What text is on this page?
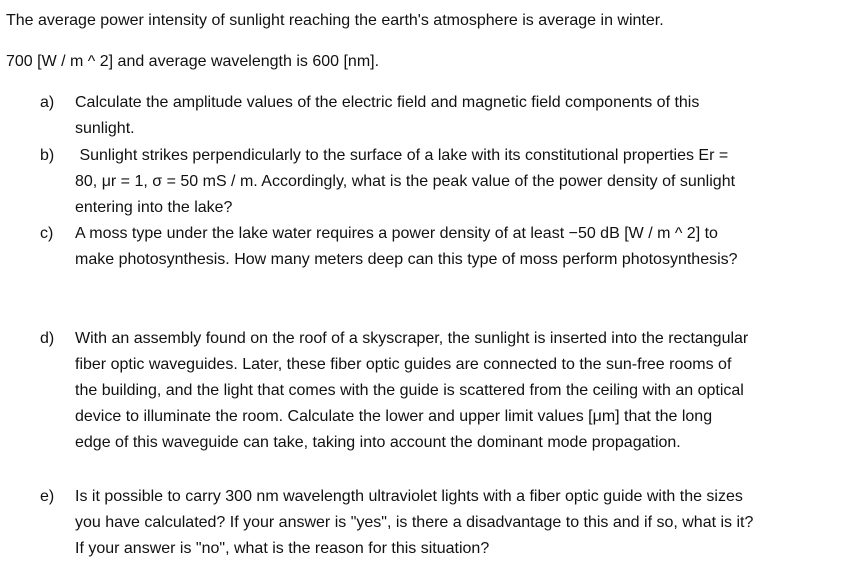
The average power intensity of sunlight reaching the earth's atmosphere is average in winter.
700 [W / m ^ 2] and average wavelength is 600 [nm].
a)	Calculate the amplitude values of the electric field and magnetic field components of this
sunlight.
b)	Sunlight strikes perpendicularly to the surface of a lake with its constitutional properties Er =
80, μr = 1, σ = 50 mS / m. Accordingly, what is the peak value of the power density of sunlight
entering into the lake?
c)	A moss type under the lake water requires a power density of at least −50 dB [W / m ^ 2] to
make photosynthesis. How many meters deep can this type of moss perform photosynthesis?
d)	With an assembly found on the roof of a skyscraper, the sunlight is inserted into the rectangular
fiber optic waveguides. Later, these fiber optic guides are connected to the sun-free rooms of
the building, and the light that comes with the guide is scattered from the ceiling with an optical
device to illuminate the room. Calculate the lower and upper limit values [μm] that the long
edge of this waveguide can take, taking into account the dominant mode propagation.
e)	Is it possible to carry 300 nm wavelength ultraviolet lights with a fiber optic guide with the sizes
you have calculated? If your answer is "yes", is there a disadvantage to this and if so, what is it?
If your answer is "no", what is the reason for this situation?
